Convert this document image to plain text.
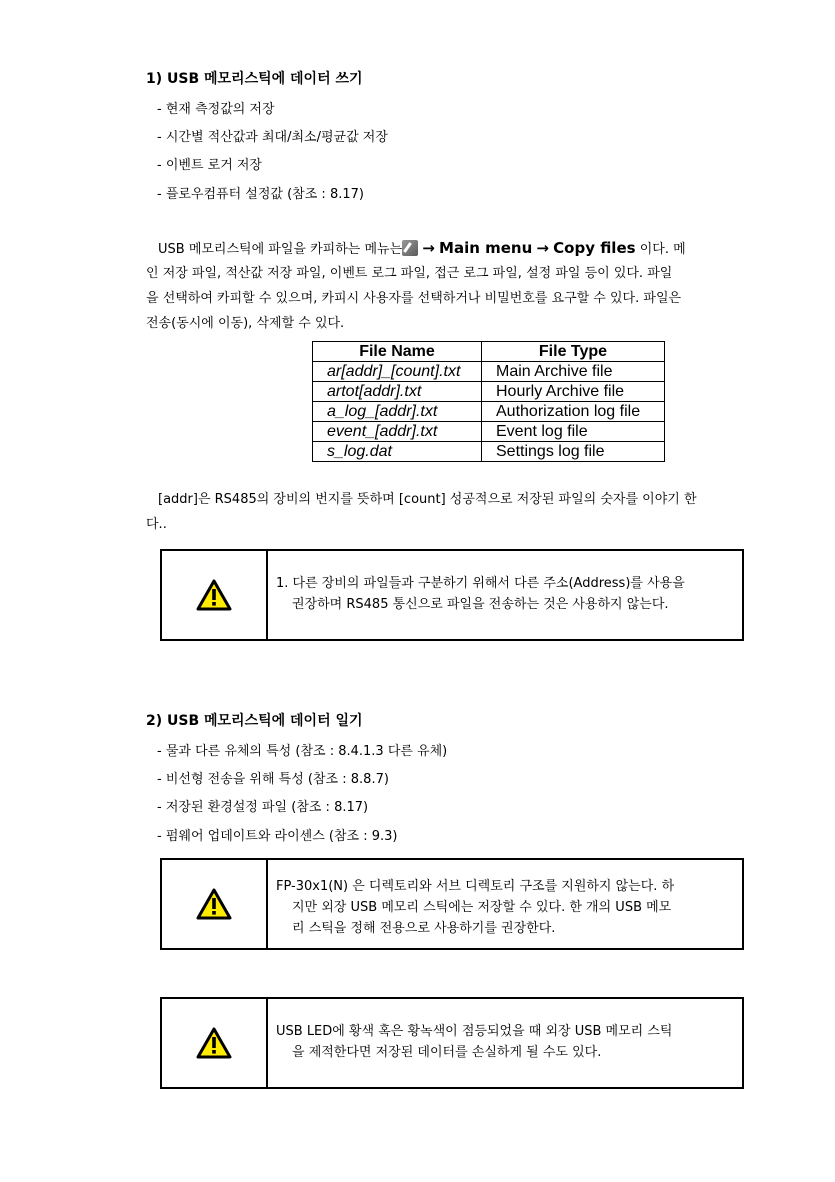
1) USB 메모리스틱에 데이터 쓰기
- 현재 측정값의 저장
- 시간별 적산값과 최대/최소/평균값 저장
- 이벤트 로거 저장
- 플로우컴퓨터 설정값 (참조 : 8.17)
USB 메모리스틱에 파일을 카피하는 메뉴는 → Main menu → Copy files 이다. 메
인 저장 파일, 적산값 저장 파일, 이벤트 로그 파일, 접근 로그 파일, 설정 파일 등이 있다. 파일
을 선택하여 카피할 수 있으며, 카피시 사용자를 선택하거나 비밀번호를 요구할 수 있다. 파일은
전송(동시에 이동), 삭제할 수 있다.
File Name	File Type
ar[addr]_[count].txt	Main Archive file
artot[addr].txt	Hourly Archive file
a_log_[addr].txt	Authorization log file
event_[addr].txt	Event log file
s_log.dat	Settings log file
[addr]은 RS485의 장비의 번지를 뜻하며 [count] 성공적으로 저장된 파일의 숫자를 이야기 한
다..
1. 다른 장비의 파일들과 구분하기 위해서 다른 주소(Address)를 사용을
권장하며 RS485 통신으로 파일을 전송하는 것은 사용하지 않는다.
2) USB 메모리스틱에 데이터 일기
- 물과 다른 유체의 특성 (참조 : 8.4.1.3 다른 유체)
- 비선형 전송을 위해 특성 (참조 : 8.8.7)
- 저장된 환경설정 파일 (참조 : 8.17)
- 펌웨어 업데이트와 라이센스 (참조 : 9.3)
FP-30x1(N) 은 디렉토리와 서브 디렉토리 구조를 지원하지 않는다. 하
지만 외장 USB 메모리 스틱에는 저장할 수 있다. 한 개의 USB 메모
리 스틱을 정해 전용으로 사용하기를 권장한다.
USB LED에 황색 혹은 황녹색이 점등되었을 때 외장 USB 메모리 스틱
을 제적한다면 저장된 데이터를 손실하게 될 수도 있다.
